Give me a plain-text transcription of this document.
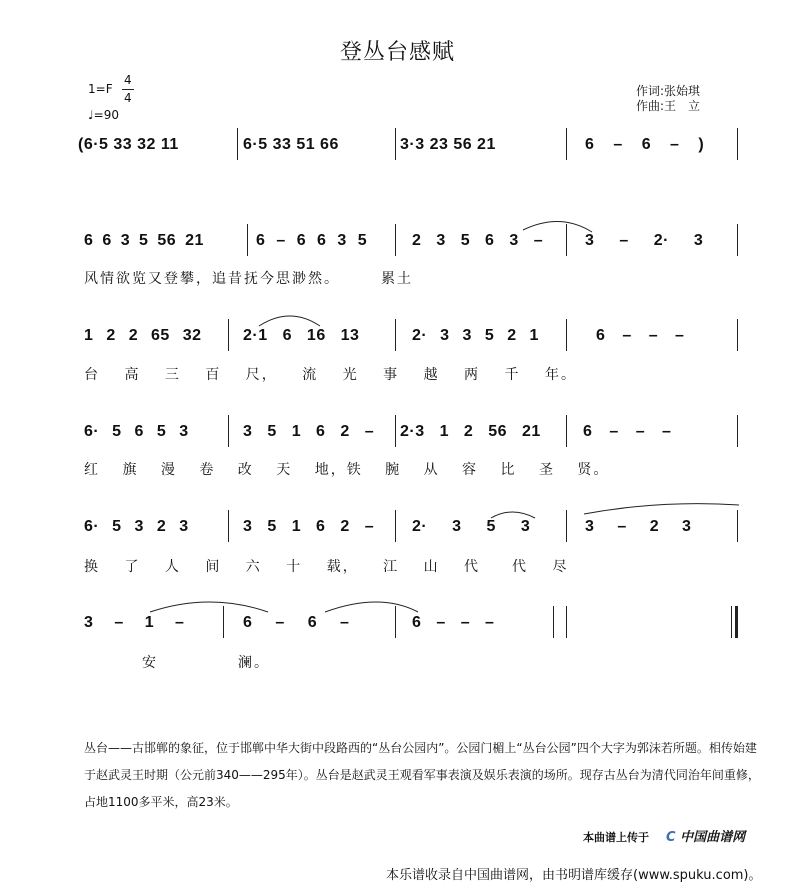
登丛台感赋
1=F
4
4
♩=90
作词:张始琪
作曲:王　立
(6·5 33 32 11	6·5 33 51 66	3·3 23 56 21	6 – 6 – )
6 6 3 5 56 21	6 – 6 6 3 5	2 3 5 6 3 –	3 – 2· 3
风情欲览又登攀，追昔抚今思渺然。　　　累土
1 2 2 65 32	2·1 6 16 13	2· 3 3 5 2 1	6 – – –
台 高 三 百 尺， 流 光 事 越 两 千 年。
6· 5 6 5 3	3 5 1 6 2 – 2·3 1 2 56 21	6 – – –
红 旗 漫 卷 改 天 地，铁 腕 从 容 比 圣 贤。
6· 5 3 2 3	3 5 1 6 2 – 2· 3 5 3	3 – 2 3
换 了 人 间 六 十 载， 江 山 代　　代 尽
3 – 1 –	6 – 6 –	6 – – –
安　　　　　澜。
丛台——古邯郸的象征，位于邯郸中华大街中段路西的“丛台公园内”。公园门楣上“丛台公园”四个大字为郭沫若所题。相传始建于赵武灵王时期（公元前340——295年）。丛台是赵武灵王观看军事表演及娱乐表演的场所。现存古丛台为清代同治年间重修，占地1100多平米，高23米。
本曲谱上传于 C 中国曲谱网
本乐谱收录自中国曲谱网，由书明谱库缓存(www.spuku.com)。
